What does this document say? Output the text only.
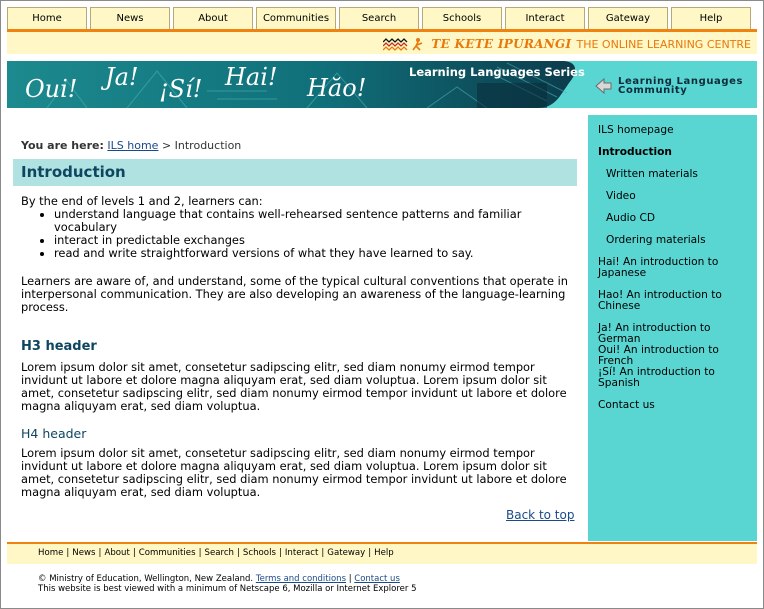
Home	News	About	Communities	Search	Schools	Interact	Gateway	Help
TE KETE IPURANGI THE ONLINE LEARNING CENTRE
Learning Languages Series
Oui! Ja! ¡Sí! Hai! Hăo!	Learning Languages
Community
You are here: ILS home > Introduction
Introduction

By the end of levels 1 and 2, learners can:

• understand language that contains well-rehearsed sentence patterns and familiar vocabulary
• interact in predictable exchanges
• read and write straightforward versions of what they have learned to say.

Learners are aware of, and understand, some of the typical cultural conventions that operate in interpersonal communication. They are also developing an awareness of the language-learning process.

H3 header

Lorem ipsum dolor sit amet, consetetur sadipscing elitr, sed diam nonumy eirmod tempor invidunt ut labore et dolore magna aliquyam erat, sed diam voluptua. Lorem ipsum dolor sit amet, consetetur sadipscing elitr, sed diam nonumy eirmod tempor invidunt ut labore et dolore magna aliquyam erat, sed diam voluptua.

H4 header

Lorem ipsum dolor sit amet, consetetur sadipscing elitr, sed diam nonumy eirmod tempor invidunt ut labore et dolore magna aliquyam erat, sed diam voluptua. Lorem ipsum dolor sit amet, consetetur sadipscing elitr, sed diam nonumy eirmod tempor invidunt ut labore et dolore magna aliquyam erat, sed diam voluptua.

Back to top
ILS homepage
Introduction
Written materials
Video
Audio CD
Ordering materials
Hai! An introduction to Japanese
Hao! An introduction to Chinese
Ja! An introduction to German
Oui! An introduction to French
¡Sí! An introduction to Spanish
Contact us
Home | News | About | Communities | Search | Schools | Interact | Gateway | Help
© Ministry of Education, Wellington, New Zealand. Terms and conditions | Contact us
This website is best viewed with a minimum of Netscape 6, Mozilla or Internet Explorer 5
